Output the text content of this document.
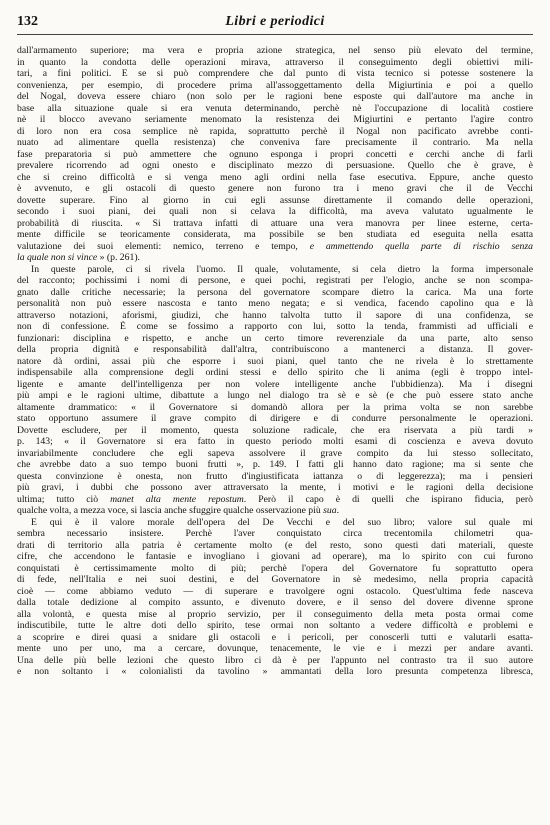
132	Libri e periodici
dall'armamento superiore; ma vera e propria azione strategica, nel senso più elevato del termine,
in quanto la condotta delle operazioni mirava, attraverso il conseguimento degli obiettivi mili-
tari, a fini politici. E se si può comprendere che dal punto di vista tecnico si potesse sostenere la
convenienza, per esempio, di procedere prima all'assoggettamento della Migiurtinia e poi a quello
del Nogal, doveva essere chiaro (non solo per le ragioni bene esposte qui dall'autore ma anche in
base alla situazione quale si era venuta determinando, perchè nè l'occupazione di località costiere
nè il blocco avevano seriamente menomato la resistenza dei Migiurtini e pertanto l'agire contro
di loro non era cosa semplice nè rapida, soprattutto perchè il Nogal non pacificato avrebbe conti-
nuato ad alimentare quella resistenza) che conveniva fare precisamente il contrario. Ma nella
fase preparatoria si può ammettere che ognuno esponga i propri concetti e cerchi anche di farli
prevalere ricorrendo ad ogni onesto e disciplinato mezzo di persuasione. Quello che è grave, è
che si creino difficoltà e si venga meno agli ordini nella fase esecutiva. Eppure, anche questo
è avvenuto, e gli ostacoli di questo genere non furono tra i meno gravi che il de Vecchi
dovette superare. Fino al giorno in cui egli assunse direttamente il comando delle operazioni,
secondo i suoi piani, dei quali non si celava la difficoltà, ma aveva valutato ugualmente le
probabilità di riuscita. « Si trattava infatti di attuare una vera manovra per linee esterne, certa-
mente difficile se teoricamente considerata, ma possibile se ben studiata ed eseguita nella esatta
valutazione dei suoi elementi: nemico, terreno e tempo, e ammettendo quella parte di rischio senza
la quale non si vince » (p. 261).
In queste parole, ci si rivela l'uomo. Il quale, volutamente, si cela dietro la forma impersonale
del racconto; pochissimi i nomi di persone, e quei pochi, registrati per l'elogio, anche se non scompa-
gnato dalle critiche necessarie; la persona del governatore scompare dietro la carica. Ma una forte
personalità non può essere nascosta e tanto meno negata; e si vendica, facendo capolino qua e là
attraverso notazioni, aforismi, giudizi, che hanno talvolta tutto il sapore di una confidenza, se
non di confessione. È come se fossimo a rapporto con lui, sotto la tenda, frammisti ad ufficiali e
funzionari: disciplina e rispetto, e anche un certo timore reverenziale da una parte, alto senso
della propria dignità e responsabilità dall'altra, contribuiscono a mantenerci a distanza. Il gover-
natore dà ordini, assai più che esporre i suoi piani, quel tanto che ne rivela è lo strettamente
indispensabile alla comprensione degli ordini stessi e dello spirito che li anima (egli è troppo intel-
ligente e amante dell'intelligenza per non volere intelligente anche l'ubbidienza). Ma i disegni
più ampi e le ragioni ultime, dibattute a lungo nel dialogo tra sè e sè (e che può essere stato anche
altamente drammatico: « il Governatore si domandò allora per la prima volta se non sarebbe
stato opportuno assumere il grave compito di dirigere e di condurre personalmente le operazioni.
Dovette escludere, per il momento, questa soluzione radicale, che era riservata a più tardi »
p. 143; « il Governatore si era fatto in questo periodo molti esami di coscienza e aveva dovuto
invariabilmente concludere che egli sapeva assolvere il grave compito da lui stesso sollecitato,
che avrebbe dato a suo tempo buoni frutti », p. 149. I fatti gli hanno dato ragione; ma si sente che
questa convinzione è onesta, non frutto d'ingiustificata iattanza o di leggerezza); ma i pensieri
più gravi, i dubbi che possono aver attraversato la mente, i motivi e le ragioni della decisione
ultima; tutto ciò manet alta mente repostum. Però il capo è di quelli che ispirano fiducia, però
qualche volta, a mezza voce, si lascia anche sfuggire qualche osservazione più sua.
E qui è il valore morale dell'opera del De Vecchi e del suo libro; valore sul quale mi
sembra necessario insistere. Perchè l'aver conquistato circa trecentomila chilometri qua-
drati di territorio alla patria è certamente molto (e del resto, sono questi dati materiali, queste
cifre, che accendono le fantasie e invogliano i giovani ad operare), ma lo spirito con cui furono
conquistati è certissimamente molto di più; perchè l'opera del Governatore fu soprattutto opera
di fede, nell'Italia e nei suoi destini, e del Governatore in sè medesimo, nella propria capacità
cioè — come abbiamo veduto — di superare e travolgere ogni ostacolo. Quest'ultima fede nasceva
dalla totale dedizione al compito assunto, e divenuto dovere, e il senso del dovere divenne sprone
alla volontà, e questa mise al proprio servizio, per il conseguimento della meta posta ormai come
indiscutibile, tutte le altre doti dello spirito, tese ormai non soltanto a vedere difficoltà e problemi e
a scoprire e direi quasi a snidare gli ostacoli e i pericoli, per conoscerli tutti e valutarli esatta-
mente uno per uno, ma a cercare, dovunque, tenacemente, le vie e i mezzi per andare avanti.
Una delle più belle lezioni che questo libro ci dà è per l'appunto nel contrasto tra il suo autore
e non soltanto i « colonialisti da tavolino » ammantati della loro presunta competenza libresca,
